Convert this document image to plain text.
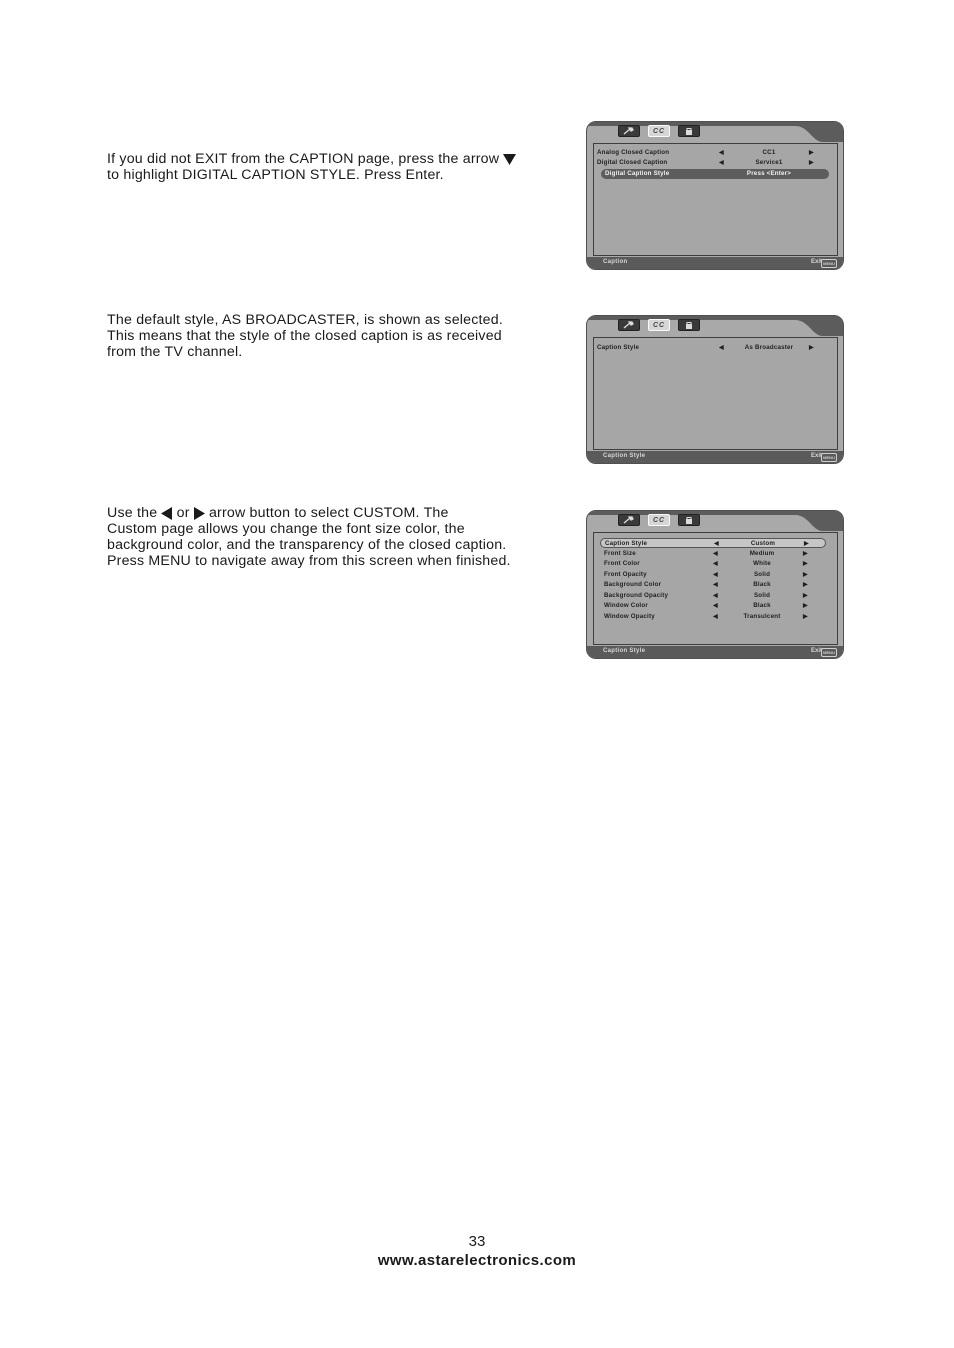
If you did not EXIT from the CAPTION page, press the arrow

to highlight DIGITAL CAPTION STYLE. Press Enter.

The default style, AS BROADCASTER, is shown as selected.

This means that the style of the closed caption is as received

from the TV channel.

Use the or arrow button to select CUSTOM. The

Custom page allows you change the font size color, the

background color, and the transparency of the closed caption.

Press MENU to navigate away from this screen when finished.

CC
Analog Closed Caption	◀	CC1	▶
Digital Closed Caption	◀	Service1	▶
Digital Caption Style	Press <Enter>
Caption	Exit MENU
CC
Caption Style	◀	As Broadcaster	▶
Caption Style	Exit MENU
CC
Caption Style	◀	Custom	▶
Front Size	◀	Medium	▶
Front Color	◀	White	▶
Front Opacity	◀	Solid	▶
Background Color	◀	Black	▶
Background Opacity	◀	Solid	▶
Window Color	◀	Black	▶
Window Opacity	◀	Transulcent	▶
Caption Style	Exit MENU
33
www.astarelectronics.com
